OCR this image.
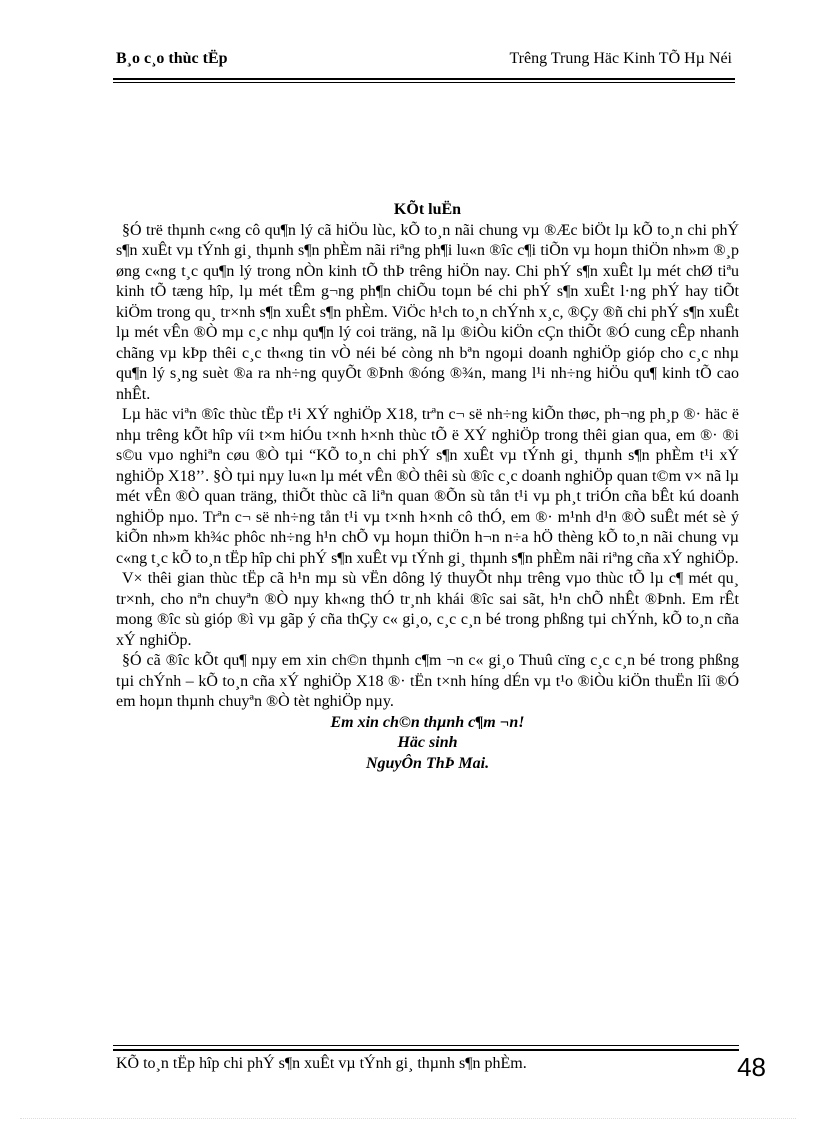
B¸o c¸o thùc tËp	Trêng Trung Häc Kinh TÕ Hµ Néi
KÕt luËn

§Ó trë thµnh c«ng cô qu¶n lý cã hiÖu lùc, kÕ to¸n nãi chung vµ ®Æc biÖt lµ kÕ to¸n chi phÝ s¶n xuÊt vµ tÝnh gi¸ thµnh s¶n phÈm nãi riªng ph¶i lu«n ®îc c¶i tiÕn vµ hoµn thiÖn nh»m ®¸p øng c«ng t¸c qu¶n lý trong nÒn kinh tÕ thÞ trêng hiÖn nay. Chi phÝ s¶n xuÊt lµ mét chØ tiªu kinh tÕ tæng hîp, lµ mét tÊm g¬ng ph¶n chiÕu toµn bé chi phÝ s¶n xuÊt l·ng phÝ hay tiÕt kiÖm trong qu¸ tr×nh s¶n xuÊt s¶n phÈm. ViÖc h¹ch to¸n chÝnh x¸c, ®Çy ®ñ chi phÝ s¶n xuÊt lµ mét vÊn ®Ò mµ c¸c nhµ qu¶n lý coi träng, nã lµ ®iÒu kiÖn cÇn thiÕt ®Ó cung cÊp nhanh chãng vµ kÞp thêi c¸c th«ng tin vÒ néi bé còng nh bªn ngoµi doanh nghiÖp gióp cho c¸c nhµ qu¶n lý s¸ng suèt ®a ra nh÷ng quyÕt ®Þnh ®óng ®¾n, mang l¹i nh÷ng hiÖu qu¶ kinh tÕ cao nhÊt.

Lµ häc viªn ®îc thùc tËp t¹i XÝ nghiÖp X18, trªn c¬ së nh÷ng kiÕn thøc, ph¬ng ph¸p ®· häc ë nhµ trêng kÕt hîp víi t×m hiÓu t×nh h×nh thùc tÕ ë XÝ nghiÖp trong thêi gian qua, em ®· ®i s©u vµo nghiªn cøu ®Ò tµi “KÕ to¸n chi phÝ s¶n xuÊt vµ tÝnh gi¸ thµnh s¶n phÈm t¹i xÝ nghiÖp X18’’. §Ò tµi nµy lu«n lµ mét vÊn ®Ò thêi sù ®îc c¸c doanh nghiÖp quan t©m v× nã lµ mét vÊn ®Ò quan träng, thiÕt thùc cã liªn quan ®Õn sù tån t¹i vµ ph¸t triÓn cña bÊt kú doanh nghiÖp nµo. Trªn c¬ së nh÷ng tån t¹i vµ t×nh h×nh cô thÓ, em ®· m¹nh d¹n ®Ò suÊt mét sè ý kiÕn nh»m kh¾c phôc nh÷ng h¹n chÕ vµ hoµn thiÖn h¬n n÷a hÖ thèng kÕ to¸n nãi chung vµ c«ng t¸c kÕ to¸n tËp hîp chi phÝ s¶n xuÊt vµ tÝnh gi¸ thµnh s¶n phÈm nãi riªng cña xÝ nghiÖp.

V× thêi gian thùc tËp cã h¹n mµ sù vËn dông lý thuyÕt nhµ trêng vµo thùc tÕ lµ c¶ mét qu¸ tr×nh, cho nªn chuyªn ®Ò nµy kh«ng thÓ tr¸nh khái ®îc sai sãt, h¹n chÕ nhÊt ®Þnh. Em rÊt mong ®îc sù gióp ®ì vµ gãp ý cña thÇy c« gi¸o, c¸c c¸n bé trong phßng tµi chÝnh, kÕ to¸n cña xÝ nghiÖp.

§Ó cã ®îc kÕt qu¶ nµy em xin ch©n thµnh c¶m ¬n c« gi¸o Thuû cïng c¸c c¸n bé trong phßng tµi chÝnh – kÕ to¸n cña xÝ nghiÖp X18 ®· tËn t×nh híng dÉn vµ t¹o ®iÒu kiÖn thuËn lîi ®Ó em hoµn thµnh chuyªn ®Ò tèt nghiÖp nµy.

Em xin ch©n thµnh c¶m ¬n!
Häc sinh
NguyÔn ThÞ Mai.
KÕ to¸n tËp hîp chi phÝ s¶n xuÊt vµ tÝnh gi¸ thµnh s¶n phÈm.	48
